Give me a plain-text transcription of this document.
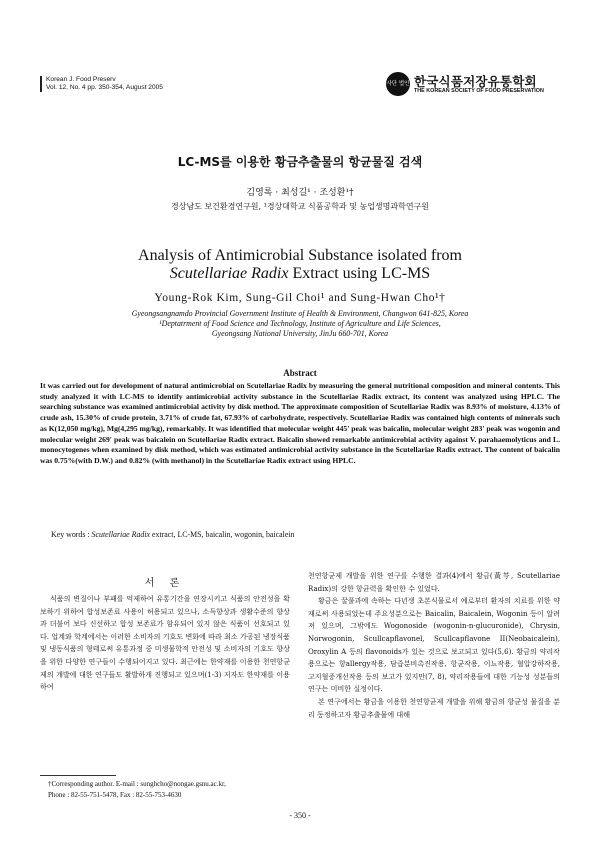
Korean J. Food Preserv
Vol. 12, No. 4 pp. 350-354, August 2005
사단 법인 한국식품저장유통학회
THE KOREAN SOCIETY OF FOOD PRESERVATION
LC-MS를 이용한 황금추출물의 항균물질 검색
김영록 · 최성길¹ · 조성환¹†
경상남도 보건환경연구원, ¹경상대학교 식품공학과 및 농업생명과학연구원
Analysis of Antimicrobial Substance isolated from
Scutellariae Radix Extract using LC-MS
Young-Rok Kim, Sung-Gil Choi¹ and Sung-Hwan Cho¹†
Gyeongsangnamdo Provincial Government Institute of Health & Environment, Changwon 641-825, Korea
¹Deptatrment of Food Science and Technology, Institute of Agriculture and Life Sciences,
Gyeongsang National University, JinJu 660-701, Korea
Abstract
It was carried out for development of natural antimicrobial on Scutellariae Radix by measuring the general nutritional composition and mineral contents. This study analyzed it with LC-MS to identify antimicrobial activity substance in the Scutellariae Radix extract, its content was analyzed using HPLC. The searching substance was examined antimicrobial activity by disk method. The approximate composition of Scutellariae Radix was 8.93% of moisture, 4.13% of crude ash, 15.30% of crude protein, 3.71% of crude fat, 67.93% of carbohydrate, respectively. Scutellariae Radix was contained high contents of minerals such as K(12,050 mg/kg), Mg(4,295 mg/kg), remarkably. It was identified that molecular weight 445' peak was baicalin, molecular weight 283' peak was wogonin and molecular weight 269' peak was baicalein on Scutellariae Radix extract. Baicalin showed remarkable antimicrobial activity against V. parahaemolyticus and L. monocytogenes when examined by disk method, which was estimated antimicrobial activity substance in the Scutellariae Radix extract. The content of baicalin was 0.75%(with D.W.) and 0.82% (with methanol) in the Scutellariae Radix extract using HPLC.
Key words : Scutellariae Radix extract, LC-MS, baicalin, wogonin, baicalein
서 론

식품의 변질이나 부패를 억제하여 유통기간을 연장시키고 식품의 안전성을 확보하기 위하여 합성보존료 사용이 허용되고 있으나, 소득향상과 생활수준의 향상과 더불어 보다 신선하고 합성 보존료가 함유되어 있지 않은 식품이 선호되고 있다. 업계와 학계에서는 이러한 소비자의 기호도 변화에 따라 최소 가공된 냉장식품 및 냉동식품의 형태로써 유통과정 중 미생물학적 안전성 및 소비자의 기호도 향상을 위한 다양한 연구들이 수행되어지고 있다. 최근에는 한약재를 이용한 천연항균제의 개발에 대한 연구들도 활발하게 진행되고 있으며(1-3) 저자도 한약재를 이용하여

천연항균제 개발을 위한 연구를 수행한 결과(4)에서 황금(黃芩, Scutellariae Radix)의 강한 항균력을 확인한 수 있었다.

황금은 꿀풀과에 속하는 다년생 초본식물로서 예로부터 환자의 치료를 위한 약재로써 사용되었는데 주요성분으로는 Baicalin, Baicalein, Wogonin 등이 알려져 있으며, 그밖에도 Wogonoside (wogonin-n-glucuronide), Chrysin, Norwogonin, Scullcapflavonel, Scullcapflavone II(Neobaicalein), Oroxylin A 등의 flavonoids가 있는 것으로 보고되고 있다(5,6). 황금의 약리작용으로는 항allergy작용, 담즙분비촉진작용, 항균작용, 이뇨작용, 혈압강하작용, 고지혈증개선작용 등의 보고가 있지만(7, 8), 약리작용들에 대한 기능성 성분들의 연구는 미비한 실정이다.

본 연구에서는 황금을 이용한 천연항균제 개발을 위해 황금의 항균성 물질을 분리 동정하고자 황금추출물에 대해

†Corresponding author. E-mail : sunghcho@nongae.gsnu.ac.kr,
Phone : 82-55-751-5478, Fax : 82-55-753-4630
- 350 -
